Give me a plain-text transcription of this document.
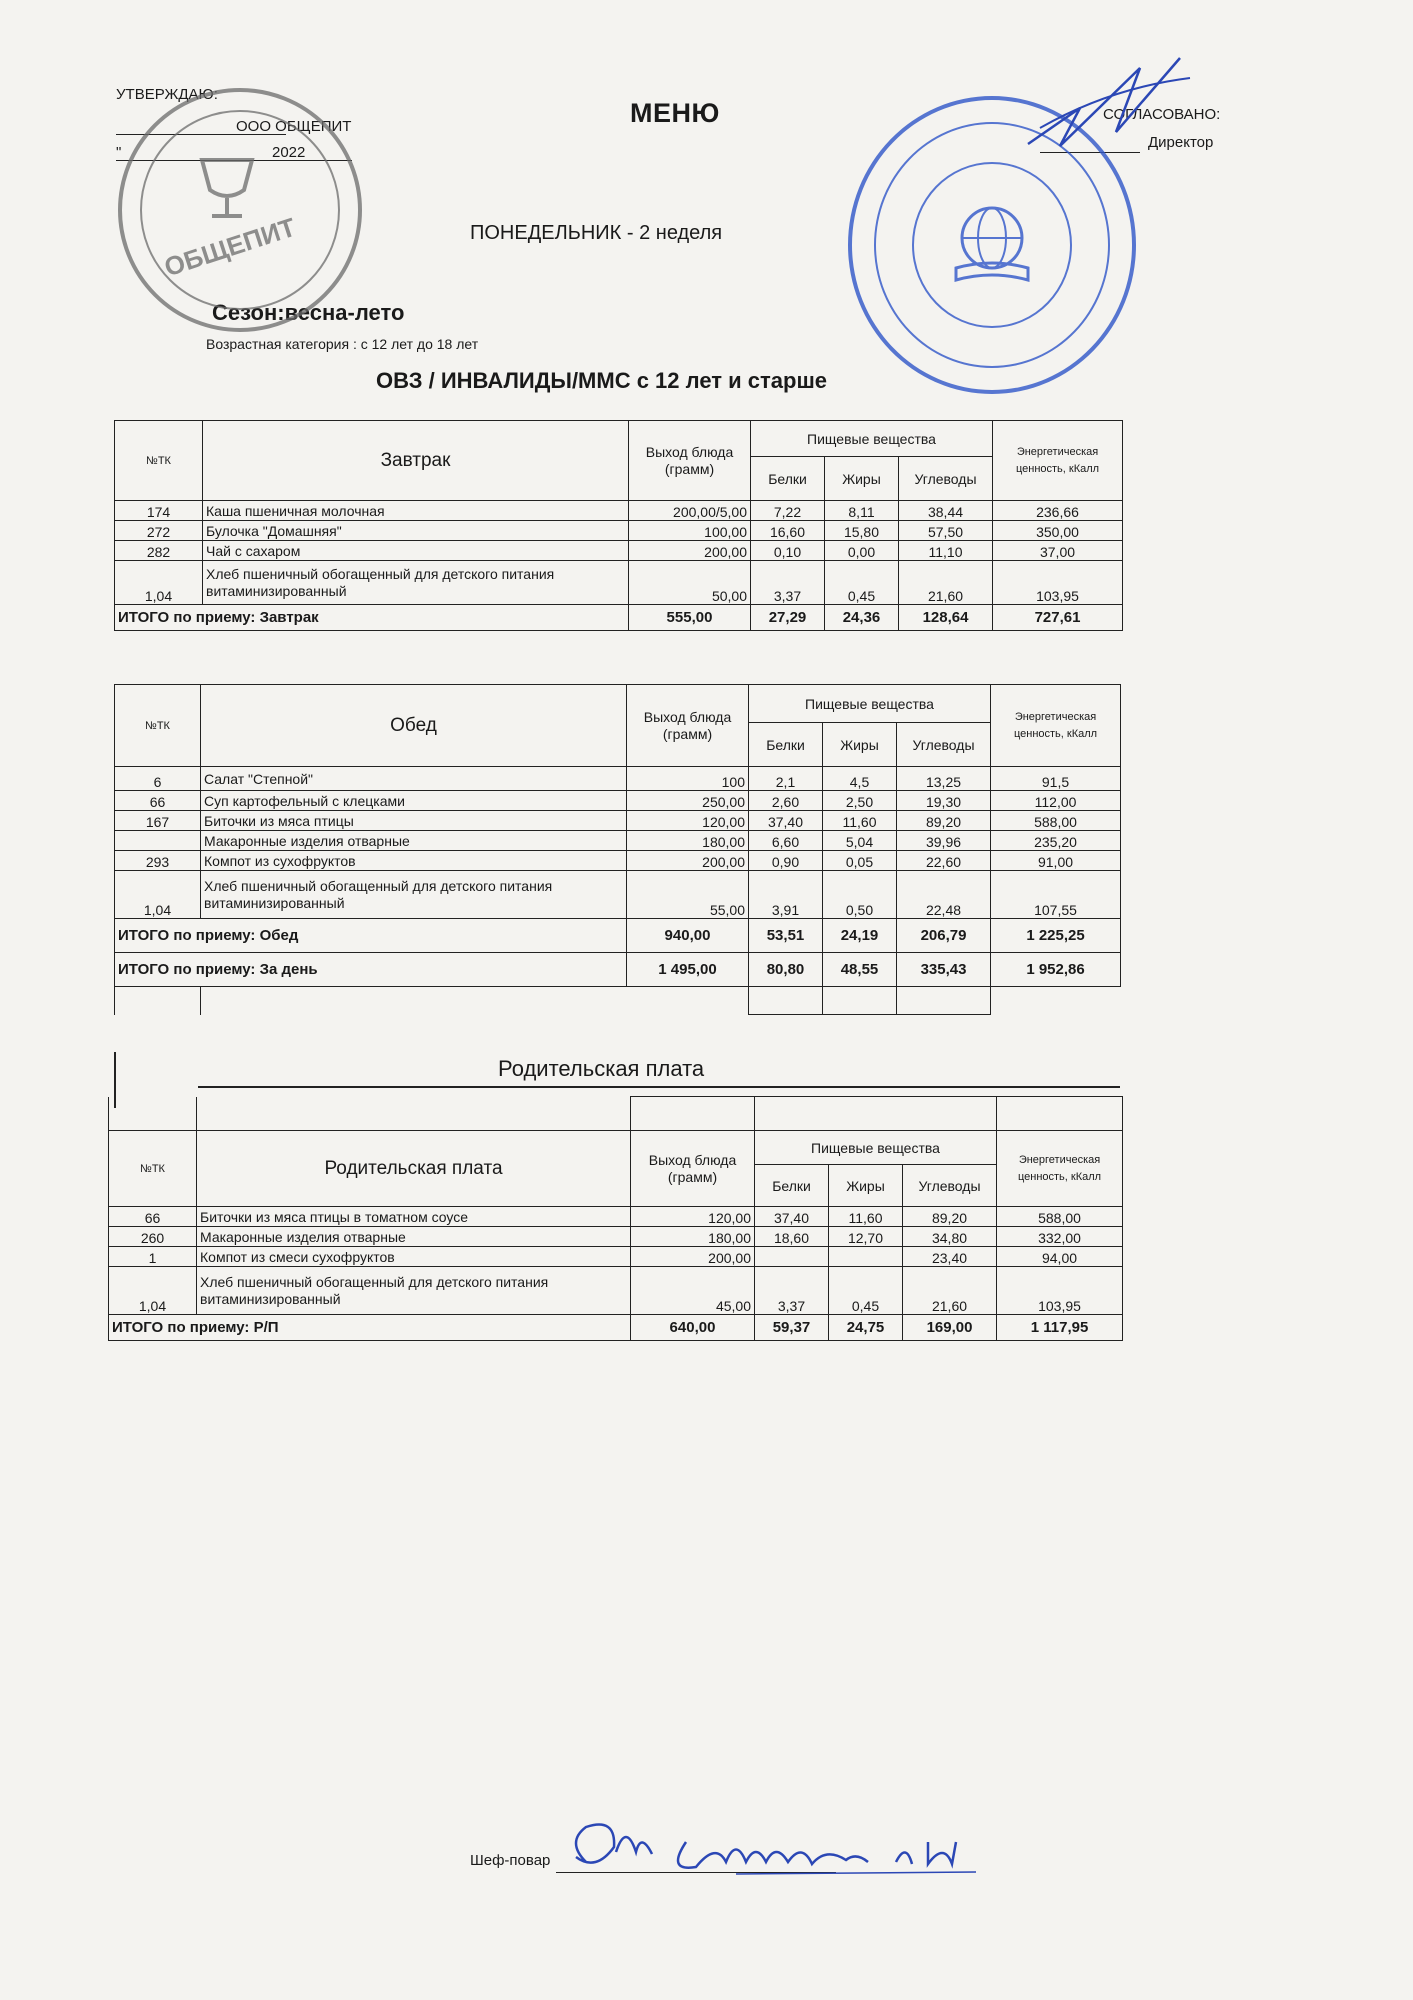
УТВЕРЖДАЮ:
ООО ОБЩЕПИТ
"	2022
МЕНЮ	СОГЛАСОВАНО:
Директор
ПОНЕДЕЛЬНИК - 2 неделя
Сезон:весна-лето
Возрастная категория : с 12 лет до 18 лет
ОВЗ / ИНВАЛИДЫ/ММС с 12 лет и старше
ОБЩЕПИТ
№ТК	Завтрак	Выход блюда (грамм)	Пищевые вещества			Энергетическая ценность, кКалл
			Белки	Жиры	Углеводы	
174	Каша пшеничная молочная	200,00/5,00	7,22	8,11	38,44	236,66
272	Булочка "Домашняя"	100,00	16,60	15,80	57,50	350,00
282	Чай с сахаром	200,00	0,10	0,00	11,10	37,00
1,04	Хлеб пшеничный обогащенный для детского питания витаминизированный	50,00	3,37	0,45	21,60	103,95
ИТОГО по приему: Завтрак		555,00	27,29	24,36	128,64	727,61
№ТК	Обед	Выход блюда (грамм)	Пищевые вещества			Энергетическая ценность, кКалл
			Белки	Жиры	Углеводы	
6	Салат "Степной"	100	2,1	4,5	13,25	91,5
66	Суп картофельный с клецками	250,00	2,60	2,50	19,30	112,00
167	Биточки из мяса птицы	120,00	37,40	11,60	89,20	588,00
	Макаронные изделия отварные	180,00	6,60	5,04	39,96	235,20
293	Компот из сухофруктов	200,00	0,90	0,05	22,60	91,00
1,04	Хлеб пшеничный обогащенный для детского питания витаминизированный	55,00	3,91	0,50	22,48	107,55
ИТОГО по приему: Обед		940,00	53,51	24,19	206,79	1 225,25
ИТОГО по приему: За день		1 495,00	80,80	48,55	335,43	1 952,86

Родительская плата

№ТК	Родительская плата	Выход блюда (грамм)	Пищевые вещества			Энергетическая ценность, кКалл
			Белки	Жиры	Углеводы	
66	Биточки из мяса птицы в томатном соусе	120,00	37,40	11,60	89,20	588,00
260	Макаронные изделия отварные	180,00	18,60	12,70	34,80	332,00
1	Компот из смеси сухофруктов	200,00			23,40	94,00
1,04	Хлеб пшеничный обогащенный для детского питания витаминизированный	45,00	3,37	0,45	21,60	103,95
ИТОГО по приему: Р/П		640,00	59,37	24,75	169,00	1 117,95
Шеф-повар
